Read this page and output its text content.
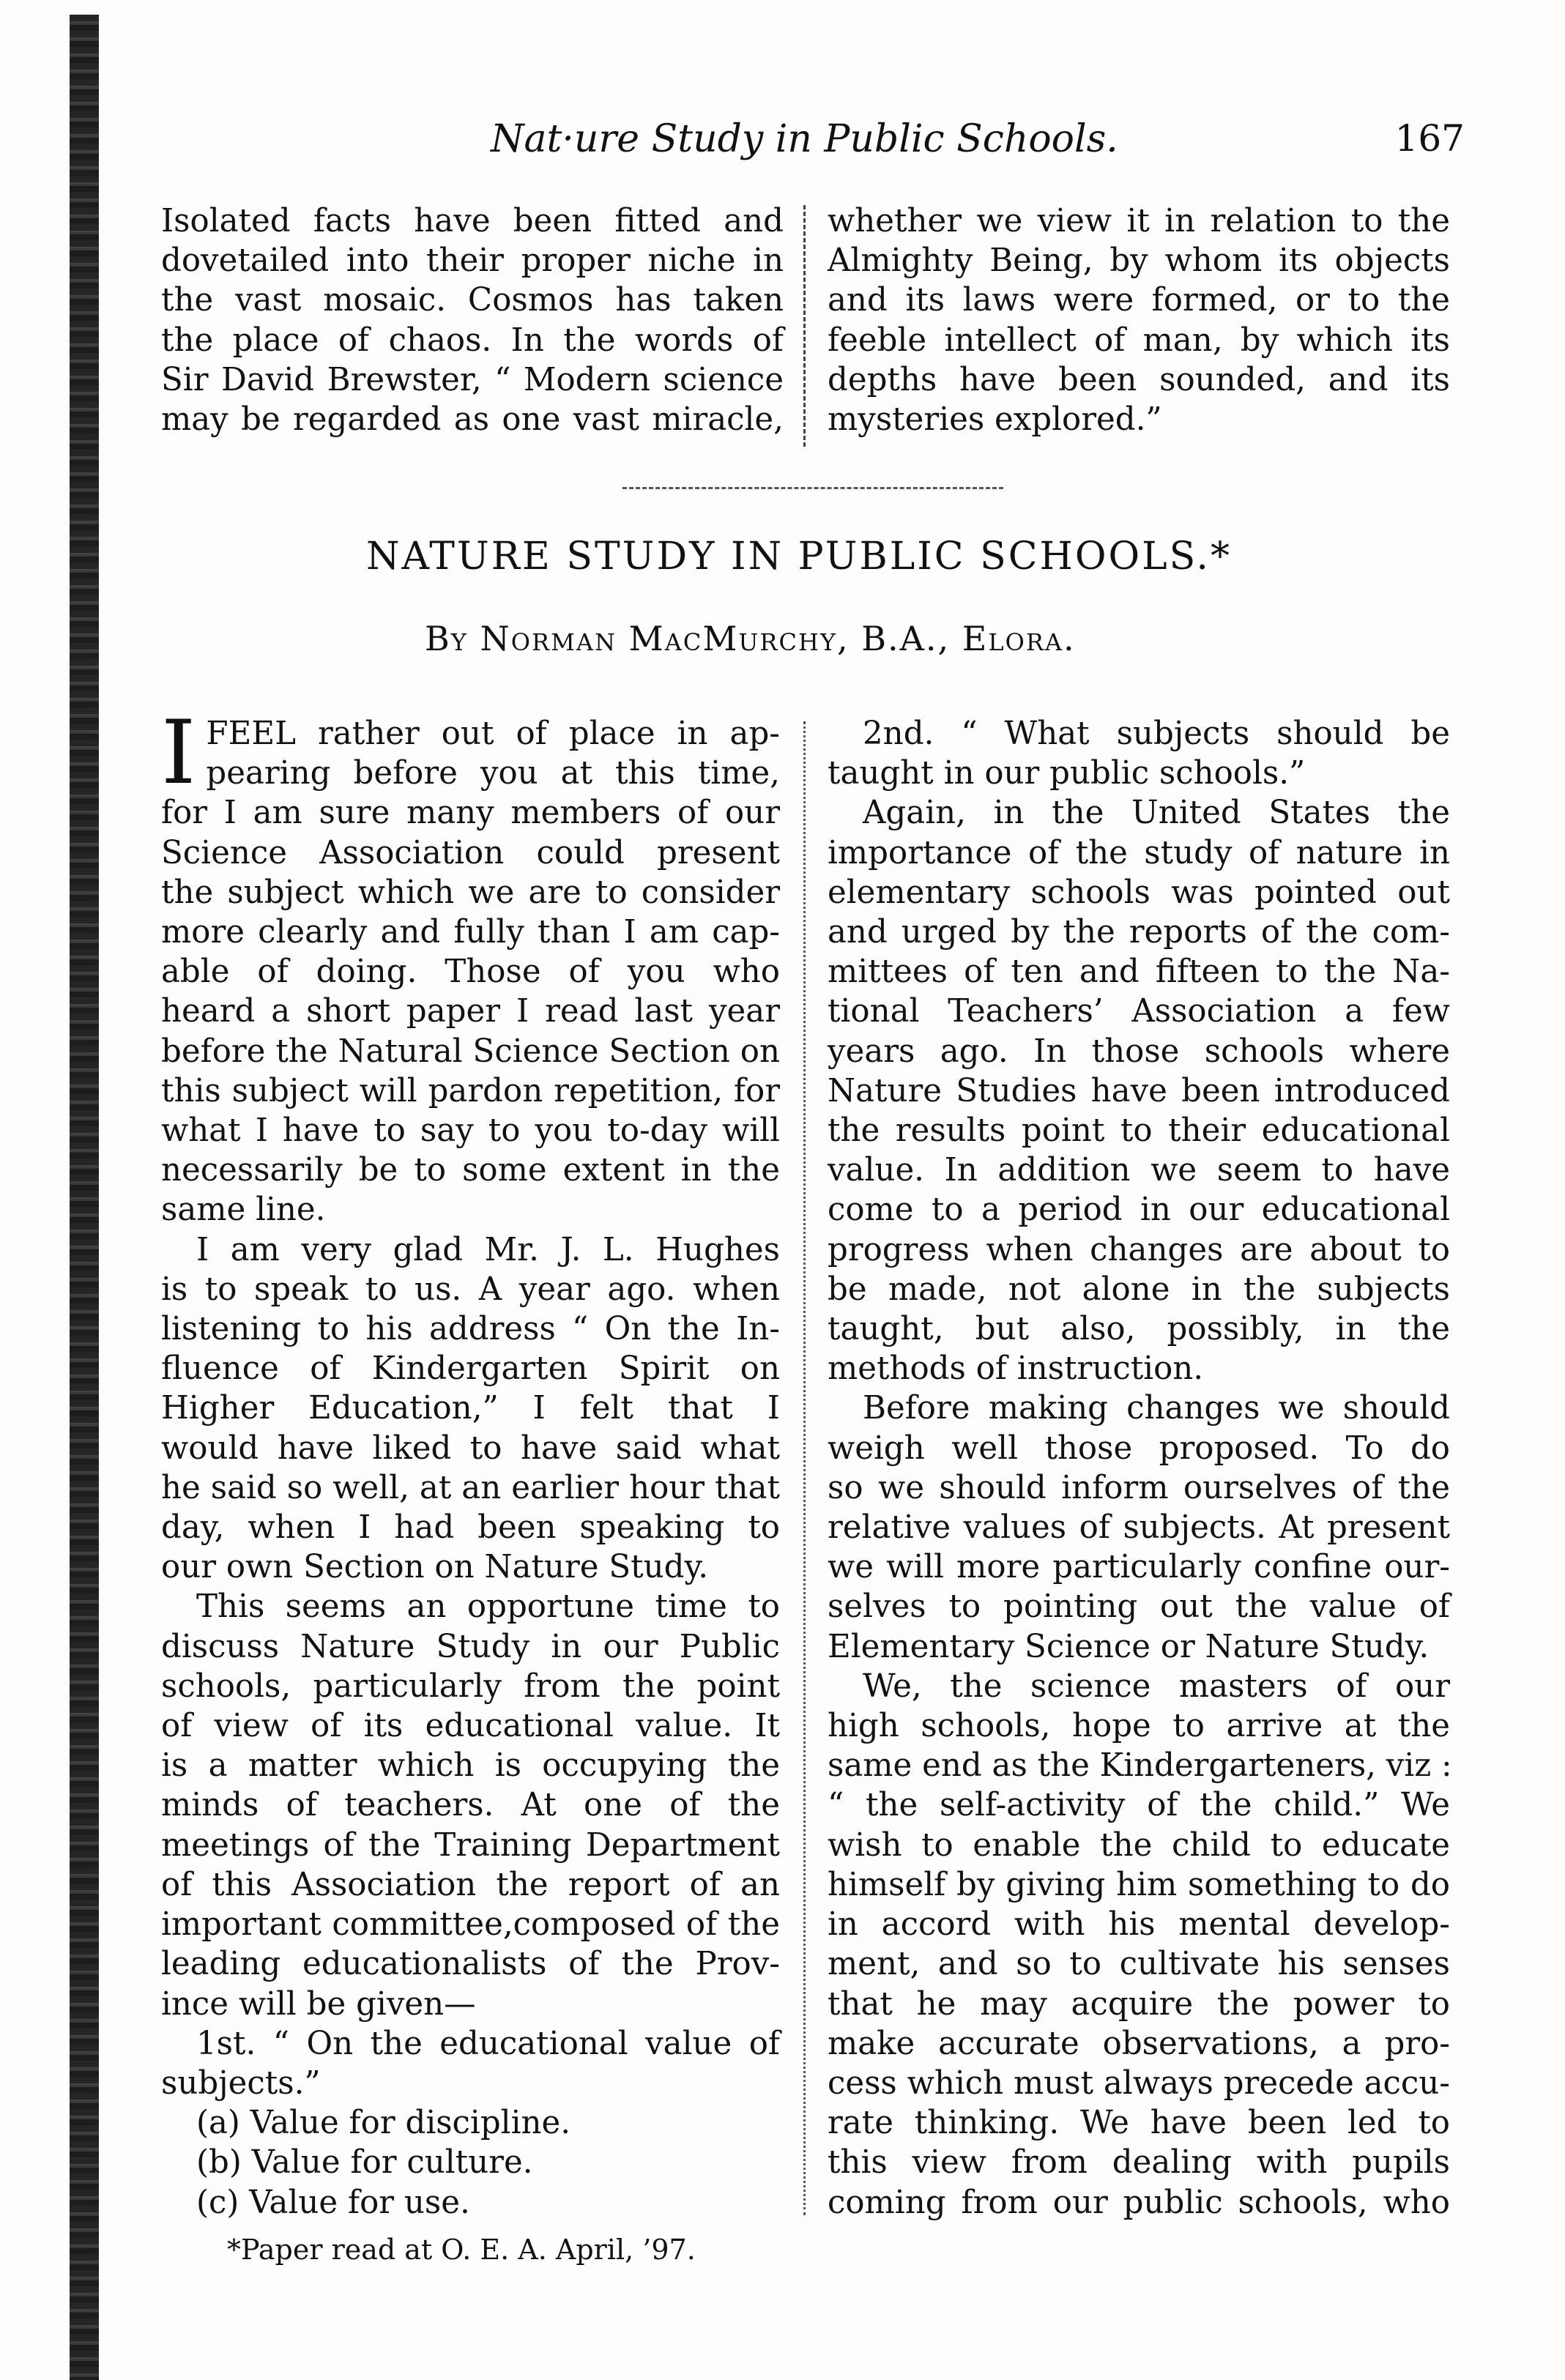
Nat·ure Study in Public Schools.	167

Isolated facts have been fitted and

dovetailed into their proper niche in

the vast mosaic. Cosmos has taken

the place of chaos. In the words of

Sir David Brewster, “ Modern science

may be regarded as one vast miracle,

whether we view it in relation to the

Almighty Being, by whom its objects

and its laws were formed, or to the

feeble intellect of man, by which its

depths have been sounded, and its

mysteries explored.”

NATURE STUDY IN PUBLIC SCHOOLS.*
By Norman MacMurchy, B.A., Elora.
I FEEL rather out of place in ap-

pearing before you at this time,

for I am sure many members of our

Science Association could present

the subject which we are to consider

more clearly and fully than I am cap-

able of doing. Those of you who

heard a short paper I read last year

before the Natural Science Section on

this subject will pardon repetition, for

what I have to say to you to-day will

necessarily be to some extent in the

same line.

I am very glad Mr. J. L. Hughes

is to speak to us. A year ago. when

listening to his address “ On the In-

fluence of Kindergarten Spirit on

Higher Education,” I felt that I

would have liked to have said what

he said so well, at an earlier hour that

day, when I had been speaking to

our own Section on Nature Study.

This seems an opportune time to

discuss Nature Study in our Public

schools, particularly from the point

of view of its educational value. It

is a matter which is occupying the

minds of teachers. At one of the

meetings of the Training Department

of this Association the report of an

important committee,composed of the

leading educationalists of the Prov-

ince will be given—

1st. “ On the educational value of

subjects.”

(a) Value for discipline.

(b) Value for culture.

(c) Value for use.

2nd. “ What subjects should be

taught in our public schools.”

Again, in the United States the

importance of the study of nature in

elementary schools was pointed out

and urged by the reports of the com-

mittees of ten and fifteen to the Na-

tional Teachers’ Association a few

years ago. In those schools where

Nature Studies have been introduced

the results point to their educational

value. In addition we seem to have

come to a period in our educational

progress when changes are about to

be made, not alone in the subjects

taught, but also, possibly, in the

methods of instruction.

Before making changes we should

weigh well those proposed. To do

so we should inform ourselves of the

relative values of subjects. At present

we will more particularly confine our-

selves to pointing out the value of

Elementary Science or Nature Study.

We, the science masters of our

high schools, hope to arrive at the

same end as the Kindergarteners, viz :

“ the self-activity of the child.” We

wish to enable the child to educate

himself by giving him something to do

in accord with his mental develop-

ment, and so to cultivate his senses

that he may acquire the power to

make accurate observations, a pro-

cess which must always precede accu-

rate thinking. We have been led to

this view from dealing with pupils

coming from our public schools, who

*Paper read at O. E. A. April, ’97.
